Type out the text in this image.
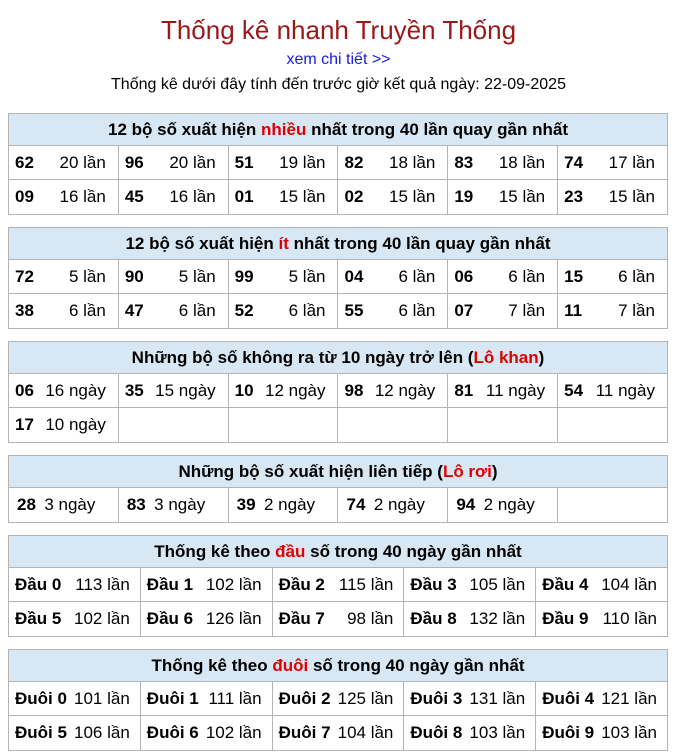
Thống kê nhanh Truyền Thống
xem chi tiết >>
Thống kê dưới đây tính đến trước giờ kết quả ngày: 22-09-2025
12 bộ số xuất hiện nhiều nhất trong 40 lần quay gần nhất
62	20 lần	96	20 lần	51	19 lần	82	18 lần	83	18 lần	74	17 lần
09	16 lần	45	16 lần	01	15 lần	02	15 lần	19	15 lần	23	15 lần
12 bộ số xuất hiện ít nhất trong 40 lần quay gần nhất
72	5 lần	90	5 lần	99	5 lần	04	6 lần	06	6 lần	15	6 lần
38	6 lần	47	6 lần	52	6 lần	55	6 lần	07	7 lần	11	7 lần
Những bộ số không ra từ 10 ngày trở lên (Lô khan)
06 16 ngày	35 15 ngày	10 12 ngày	98 12 ngày	81 11 ngày	54 11 ngày
17 10 ngày
Những bộ số xuất hiện liên tiếp (Lô rơi)
28 3 ngày	83 3 ngày	39 2 ngày	74 2 ngày	94 2 ngày
Thống kê theo đầu số trong 40 ngày gần nhất
Đầu 0 113 lần	Đầu 1 102 lần	Đầu 2 115 lần	Đầu 3 105 lần	Đầu 4 104 lần
Đầu 5 102 lần	Đầu 6 126 lần	Đầu 7	98 lần	Đầu 8 132 lần	Đầu 9 110 lần
Thống kê theo đuôi số trong 40 ngày gần nhất
Đuôi 0 101 lần	Đuôi 1 111 lần	Đuôi 2 125 lần	Đuôi 3 131 lần	Đuôi 4 121 lần
Đuôi 5 106 lần	Đuôi 6 102 lần	Đuôi 7 104 lần	Đuôi 8 103 lần	Đuôi 9 103 lần
